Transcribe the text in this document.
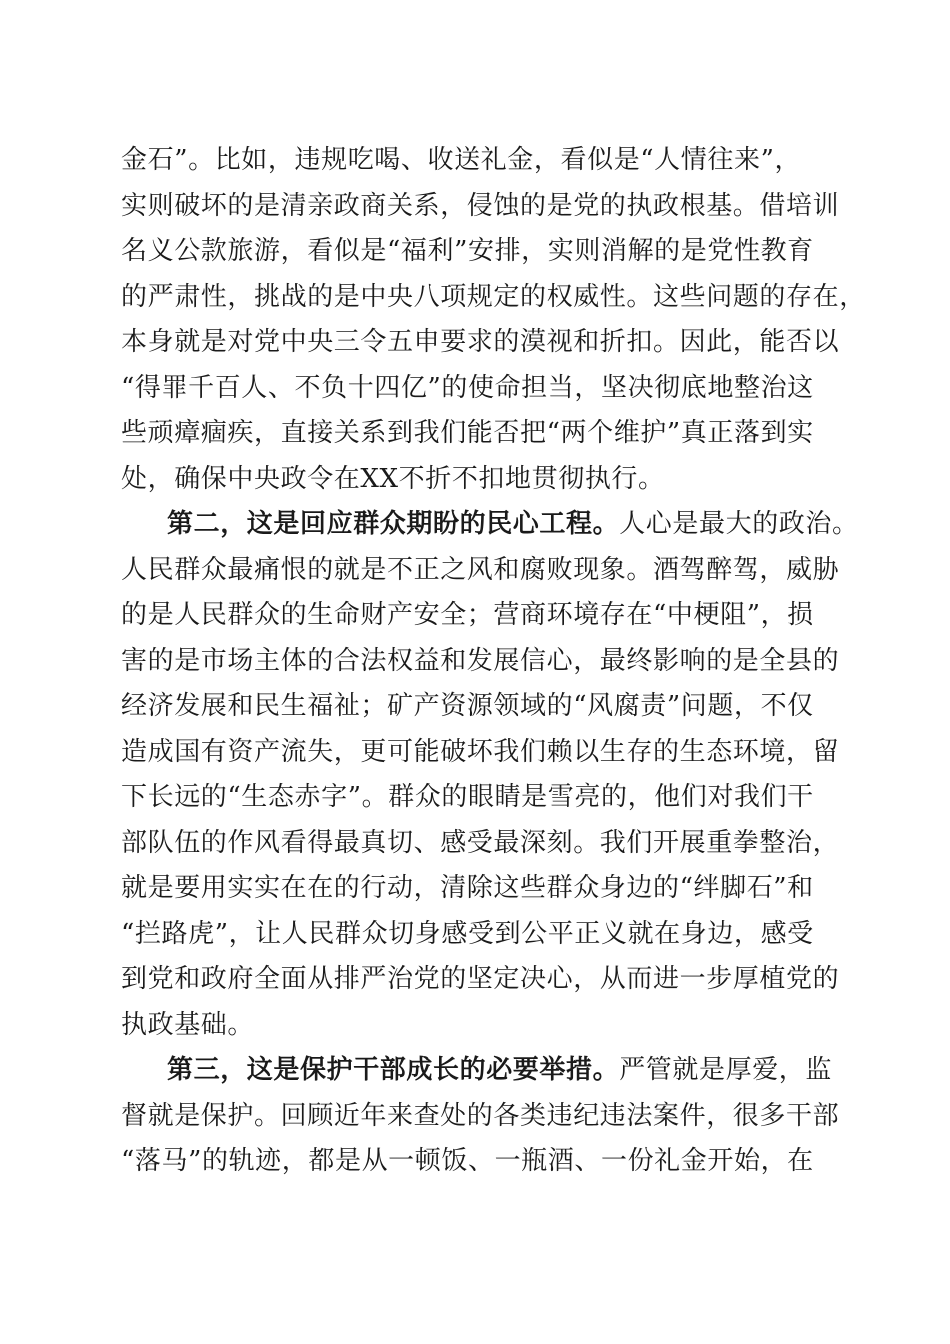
金石”。比如，违规吃喝、收送礼金，看似是“人情往来”，
实则破坏的是清亲政商关系，侵蚀的是党的执政根基。借培训
名义公款旅游，看似是“福利”安排，实则消解的是党性教育
的严肃性，挑战的是中央八项规定的权威性。这些问题的存在，
本身就是对党中央三令五申要求的漠视和折扣。因此，能否以
“得罪千百人、不负十四亿”的使命担当，坚决彻底地整治这
些顽瘴痼疾，直接关系到我们能否把“两个维护”真正落到实
处，确保中央政令在XX不折不扣地贯彻执行。
第二，这是回应群众期盼的民心工程。人心是最大的政治。
人民群众最痛恨的就是不正之风和腐败现象。酒驾醉驾，威胁
的是人民群众的生命财产安全；营商环境存在“中梗阻”，损
害的是市场主体的合法权益和发展信心，最终影响的是全县的
经济发展和民生福祉；矿产资源领域的“风腐责”问题，不仅
造成国有资产流失，更可能破坏我们赖以生存的生态环境，留
下长远的“生态赤字”。群众的眼睛是雪亮的，他们对我们干
部队伍的作风看得最真切、感受最深刻。我们开展重拳整治，
就是要用实实在在的行动，清除这些群众身边的“绊脚石”和
“拦路虎”，让人民群众切身感受到公平正义就在身边，感受
到党和政府全面从排严治党的坚定决心，从而进一步厚植党的
执政基础。
第三，这是保护干部成长的必要举措。严管就是厚爱，监
督就是保护。回顾近年来查处的各类违纪违法案件，很多干部
“落马”的轨迹，都是从一顿饭、一瓶酒、一份礼金开始，在
